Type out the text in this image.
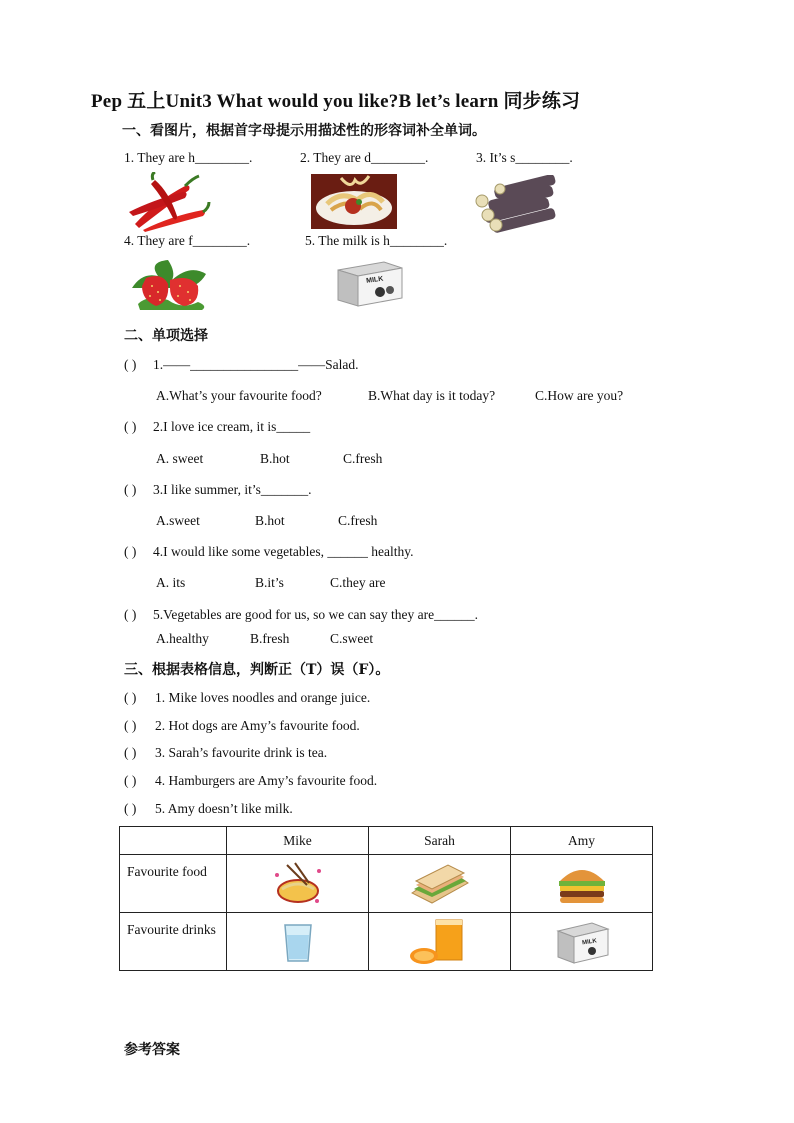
Pep 五上Unit3 What would you like?B let’s learn 同步练习
一、看图片，根据首字母提示用描述性的形容词补全单词。
1. They are h________.	2. They are d________.	3. It’s s________.
4. They are f________.	5. The milk is h________.
MILK
二、单项选择
( ) 1.——________________——Salad.
A.What’s your favourite food?	B.What day is it today?	C.How are you?
( ) 2.I love ice cream, it is_____
A. sweet	B.hot	C.fresh
( ) 3.I like summer, it’s_______.
A.sweet	B.hot	C.fresh
( ) 4.I would like some vegetables, ______ healthy.
A. its	B.it’s	C.they are
( ) 5.Vegetables are good for us, so we can say they are______.
A.healthy	B.fresh	C.sweet
三、根据表格信息，判断正（T）误（F）。
( ) 1. Mike loves noodles and orange juice.
( ) 2. Hot dogs are Amy’s favourite food.
( ) 3. Sarah’s favourite drink is tea.
( ) 4. Hamburgers are Amy’s favourite food.
( ) 5. Amy doesn’t like milk.
	Mike	Sarah	Amy
Favourite food	

Favourite drinks			MILK
参考答案
